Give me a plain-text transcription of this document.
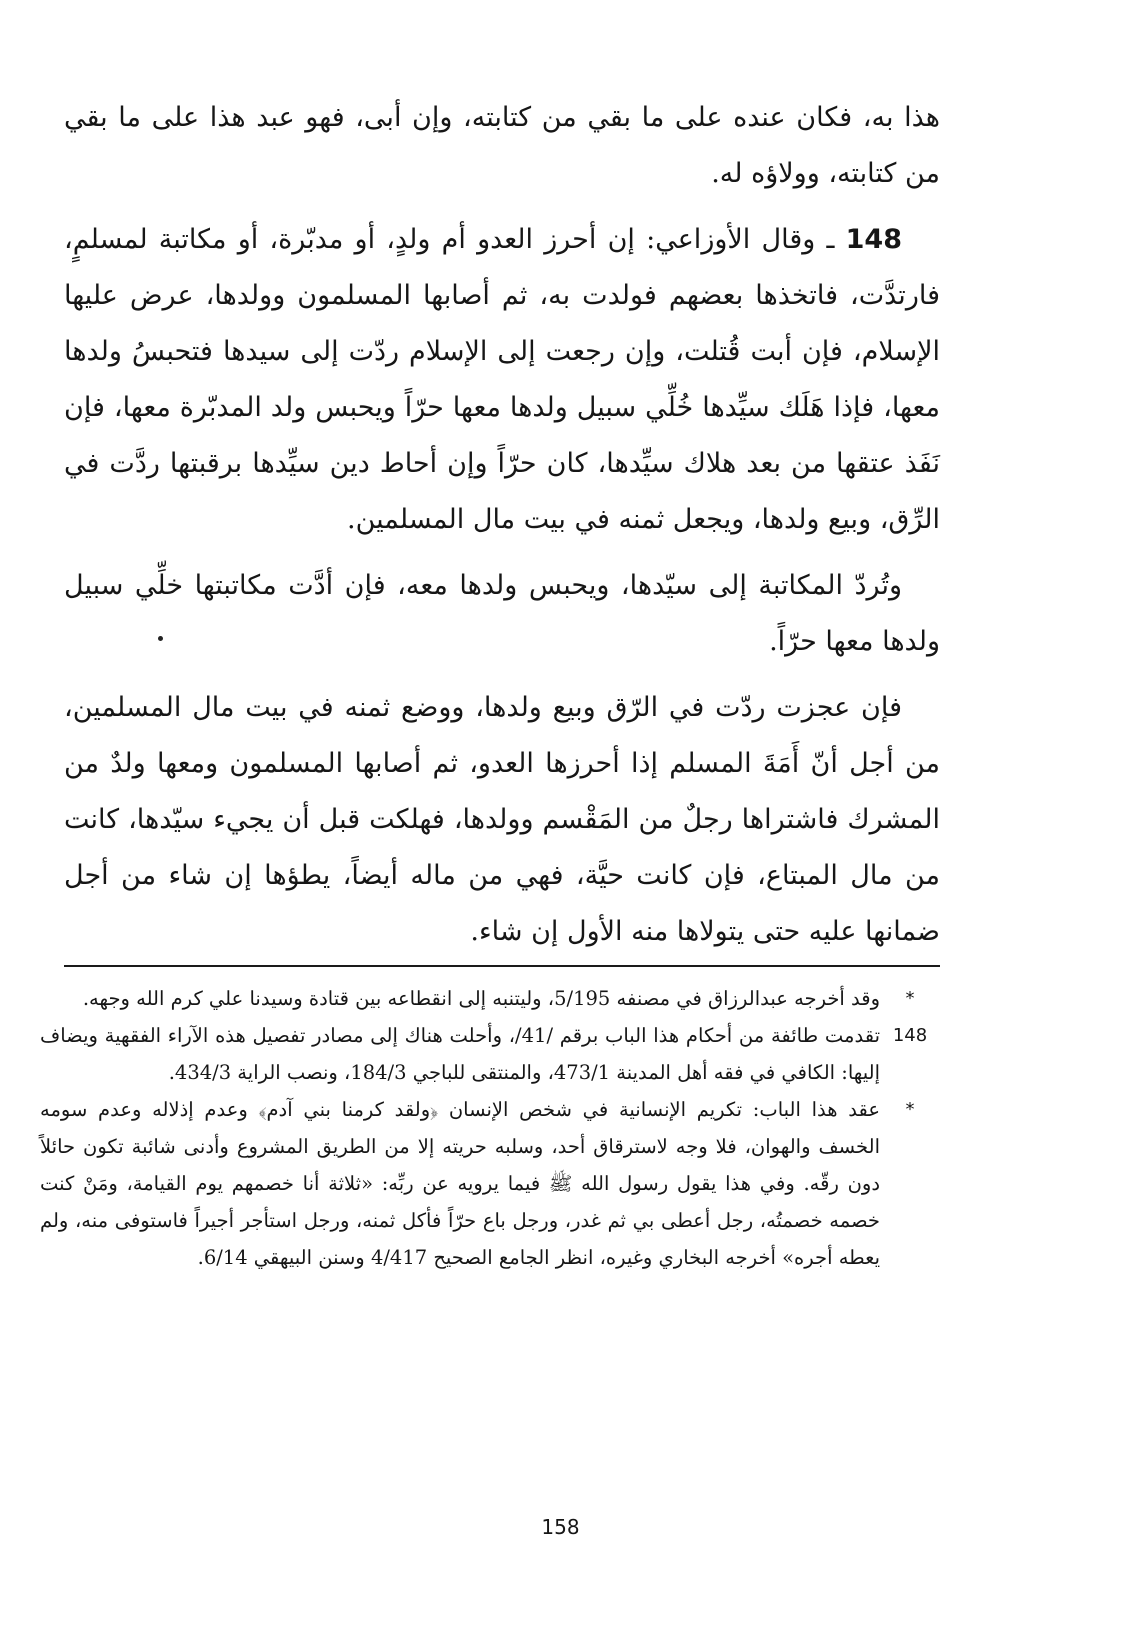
هذا به، فكان عنده على ما بقي من كتابته، وإن أبى، فهو عبد هذا على ما بقي من كتابته، وولاؤه له.

148 ـ وقال الأوزاعي: إن أحرز العدو أم ولدٍ، أو مدبّرة، أو مكاتبة لمسلمٍ، فارتدَّت، فاتخذها بعضهم فولدت به، ثم أصابها المسلمون وولدها، عرض عليها الإسلام، فإن أبت قُتلت، وإن رجعت إلى الإسلام ردّت إلى سيدها فتحبسُ ولدها معها، فإذا هَلَك سيِّدها خُلِّي سبيل ولدها معها حرّاً ويحبس ولد المدبّرة معها، فإن نَفَذ عتقها من بعد هلاك سيِّدها، كان حرّاً وإن أحاط دين سيِّدها برقبتها ردَّت في الرِّق، وبيع ولدها، ويجعل ثمنه في بيت مال المسلمين.

وتُردّ المكاتبة إلى سيّدها، ويحبس ولدها معه، فإن أدَّت مكاتبتها خلِّي سبيل ولدها معها حرّاً.

فإن عجزت ردّت في الرّق وبيع ولدها، ووضع ثمنه في بيت مال المسلمين، من أجل أنّ أَمَةَ المسلم إذا أحرزها العدو، ثم أصابها المسلمون ومعها ولدٌ من المشرك فاشتراها رجلٌ من المَقْسم وولدها، فهلكت قبل أن يجيء سيّدها، كانت من مال المبتاع، فإن كانت حيَّة، فهي من ماله أيضاً، يطؤها إن شاء من أجل ضمانها عليه حتى يتولاها منه الأول إن شاء.

*
وقد أخرجه عبدالرزاق في مصنفه 5/195، وليتنبه إلى انقطاعه بين قتادة وسيدنا علي كرم الله وجهه.
148
تقدمت طائفة من أحكام هذا الباب برقم /41/، وأحلت هناك إلى مصادر تفصيل هذه الآراء الفقهية ويضاف إليها: الكافي في فقه أهل المدينة 473/1، والمنتقى للباجي 184/3، ونصب الراية 434/3.
*
عقد هذا الباب: تكريم الإنسانية في شخص الإنسان ﴿ولقد كرمنا بني آدم﴾ وعدم إذلاله وعدم سومه الخسف والهوان، فلا وجه لاسترقاق أحد، وسلبه حريته إلا من الطريق المشروع وأدنى شائبة تكون حائلاً دون رقّه. وفي هذا يقول رسول الله ﷺ فيما يرويه عن ربِّه: «ثلاثة أنا خصمهم يوم القيامة، ومَنْ كنت خصمه خصمتُه، رجل أعطى بي ثم غدر، ورجل باع حرّاً فأكل ثمنه، ورجل استأجر أجيراً فاستوفى منه، ولم يعطه أجره» أخرجه البخاري وغيره، انظر الجامع الصحيح 4/417 وسنن البيهقي 6/14.
158
